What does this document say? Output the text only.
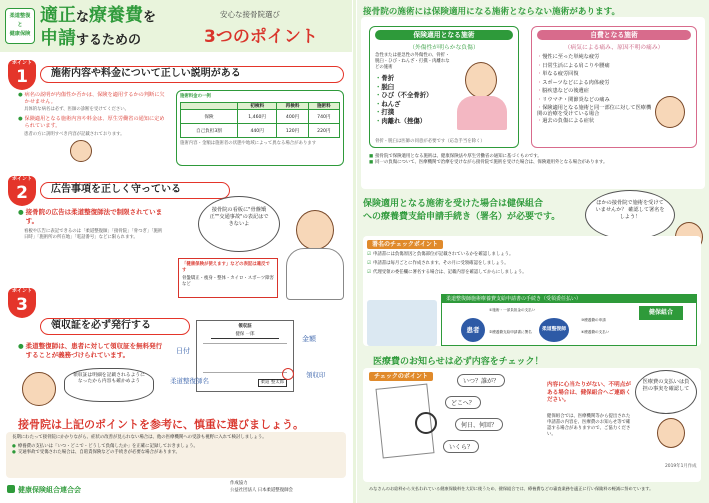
柔道整復
と
健康保険
適正な療養費を
申請するための
安心な接骨院選び
3つのポイント
ポイント
1	施術内容や料金について正しい説明がある
● 病名の説明が内傷性か否かは、保険を適用するかの判断に欠かせません。
具体的な病名は必ず、医師の診断を受けてください。
● 保険適用となる施術内容や料金は、厚生労働省の通知に定められています。
患者の方に説明すべき内容が記載されております。
施術料金の一例
	初検料	再検料	施術料
保険	1,460円	400円	740円
自己負担3割	440円	120円	220円
施術内容・金額は施術者の状態や地域によって異なる場合があります
ポイント
2	広告事項を正しく守っている
● 接骨院の広告は柔道整復師法で制限されています。
看板や広告に表記できるのは「柔道整復師」「接骨院」「骨つぎ」「施術日時」「施術所の所在地」「電話番号」などに限られます。
接骨院の看板に"骨盤矯正""交通事故"の表記はできないよ
「健康保険が使えます」などの表記は違反です
骨盤矯正・痩身・整体・カイロ・スポーツ障害など
ポイント
3
領収証を必ず発行する
● 柔道整復師は、患者に対して領収証を無料発行することが義務づけられています。
領収証は明細を記載されるようになったから内容も確かめよう
領収証
健保 一郎
柔道 整太郎
日付
金額
柔道整復師名
領収印
接骨院は上記のポイントを参考に、慎重に選びましょう。
長期にわたって接骨院にかかりながら、症状の改善が見られない場合は、他の医療機関への受診も視野に入れて検討しましょう。
● 療養費の支払いは「いつ・どこで・どうして負傷したか」を正確に記録しておきましょう。
● 交通事故で受傷された場合は、自賠責保険などの手続きが必要な場合があります。
健康保険組合連合会
作成協力
公益社団法人 日本柔道整復師会
接骨院の施術には保険適用になる施術とならない施術があります。
保険適用となる施術
（外傷性が明らかな負傷）
急性または亜急性の外傷性の、骨折・脱臼・ひび・ねんざ・打撲・肉離れなどの施術
・骨折
・脱臼
・ひび（不全骨折）
・ねんざ
・打撲
・肉離れ（挫傷）
骨折・脱臼は医師の同意が必要です（応急手当を除く）
自費となる施術
（病気による痛み、原因不明の痛み）
・慢性に至った単純な疲労
・日常生活による肩こりや腰痛
・単なる疲労回復
・スポーツなどによる肉体疲労
・脳疾患などの後遺症
・リウマチ・関節炎などの痛み
・保険適用となる施術と同一部位に対して医療機関の治療を受けている場合
・過去の負傷による症状
■ 接骨院で保険適用となる施術は、健康保険法や厚生労働省の通知に基づくものです。
■ 同一の負傷について、医療機関で治療を受けながら接骨院で施術を受けた場合は、保険適用外となる場合があります。
保険適用となる施術を受けた場合は健保組合
への療養費支給申請手続き（署名）が必要です。
ほかの接骨院で施術を受けていませんか？ 確認して署名をしよう！
署名のチェックポイント
☑ 申請書には負傷原因と負傷部位が記載されているかを確認しましょう。
☑ 申請書は毎月ごとに作成されます。その月に受領確認をしましょう。
☑ 代理受領の委任欄に署名する場合は、記載内容を確認してからにしましょう。
柔道整復師施術療養費支給申請書の手続き（受領委任払い）
患者	柔道整復師
健保組合
①施術・一部負担金の支払い
②療養費支給申請書に署名
③療養費の申請
④療養費の支払い
医療費のお知らせは必ず内容をチェック！
チェックのポイント
いつ？誰が？
どこへ？
何日、何回？
いくら？
内容に心当たりがない、不明点がある場合は、健保組合へご連絡ください。
健保組合では、医療機関等から提出された申請書の内容を、医療費のお知らせ等で確認する場合がありますので、ご協力ください。
医療費の支払いは負担の事実を確認して
みなさんのお給料から支払われている健康保険料を大切に使うため、健保組合では、療養費などの審査業務を適正に行い保険料の軽減に努めています。
2019年1月作成
